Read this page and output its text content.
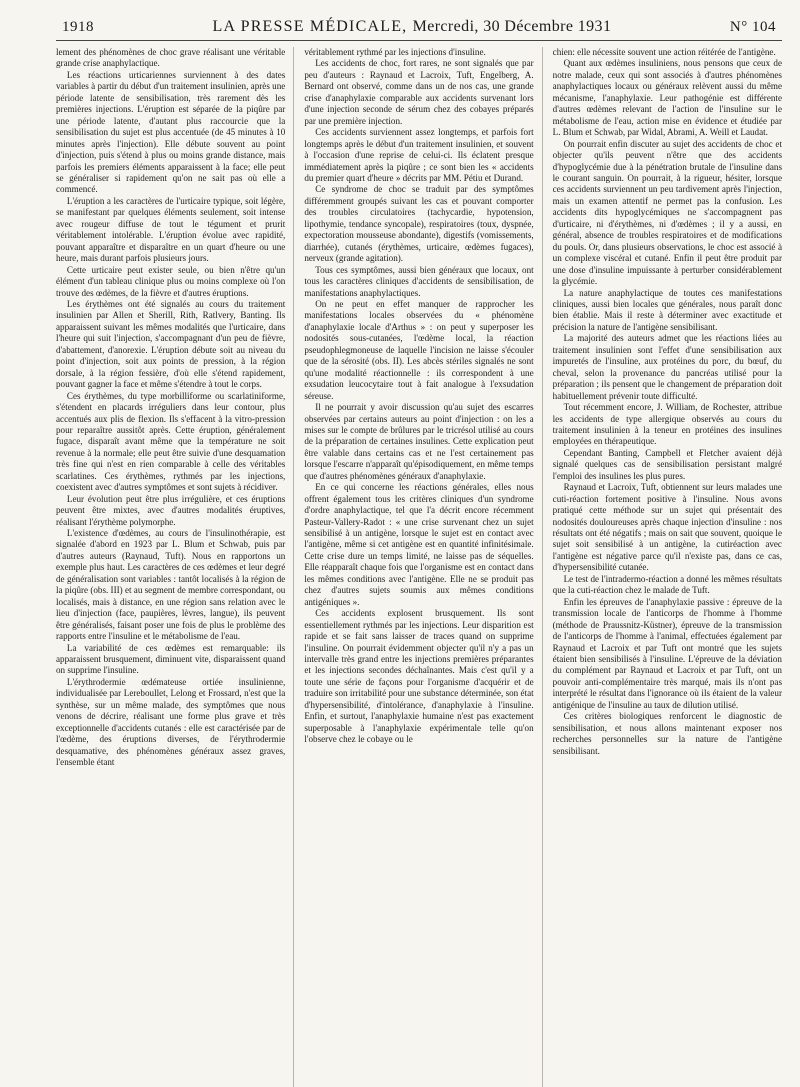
1918	LA PRESSE MÉDICALE, Mercredi, 30 Décembre 1931	N° 104

lement des phénomènes de choc grave réalisant une véritable grande crise anaphylactique.

Les réactions urticariennes surviennent à des dates variables à partir du début d'un traitement insulinien, après une période latente de sensibilisation, très rarement dès les premières injections. L'éruption est séparée de la piqûre par une période latente, d'autant plus raccourcie que la sensibilisation du sujet est plus accentuée (de 45 minutes à 10 minutes après l'injection). Elle débute souvent au point d'injection, puis s'étend à plus ou moins grande distance, mais parfois les premiers éléments apparaissent à la face; elle peut se généraliser si rapidement qu'on ne sait pas où elle a commencé.

L'éruption a les caractères de l'urticaire typique, soit légère, se manifestant par quelques éléments seulement, soit intense avec rougeur diffuse de tout le tégument et prurit véritablement intolérable. L'éruption évolue avec rapidité, pouvant apparaître et disparaître en un quart d'heure ou une heure, mais durant parfois plusieurs jours.

Cette urticaire peut exister seule, ou bien n'être qu'un élément d'un tableau clinique plus ou moins complexe où l'on trouve des œdèmes, de la fièvre et d'autres éruptions.

Les érythèmes ont été signalés au cours du traitement insulinien par Allen et Sherill, Rith, Ratlvery, Banting. Ils apparaissent suivant les mêmes modalités que l'urticaire, dans l'heure qui suit l'injection, s'accompagnant d'un peu de fièvre, d'abattement, d'anorexie. L'éruption débute soit au niveau du point d'injection, soit aux points de pression, à la région dorsale, à la région fessière, d'où elle s'étend rapidement, pouvant gagner la face et même s'étendre à tout le corps.

Ces érythèmes, du type morbilliforme ou scarlatiniforme, s'étendent en placards irréguliers dans leur contour, plus accentués aux plis de flexion. Ils s'effacent à la vitro-pression pour reparaître aussitôt après. Cette éruption, généralement fugace, disparaît avant même que la température ne soit revenue à la normale; elle peut être suivie d'une desquamation très fine qui n'est en rien comparable à celle des véritables scarlatines. Ces érythèmes, rythmés par les injections, coexistent avec d'autres symptômes et sont sujets à récidiver.

Leur évolution peut être plus irrégulière, et ces éruptions peuvent être mixtes, avec d'autres modalités éruptives, réalisant l'érythème polymorphe.

L'existence d'œdèmes, au cours de l'insulinothérapie, est signalée d'abord en 1923 par L. Blum et Schwab, puis par d'autres auteurs (Raynaud, Tuft). Nous en rapportons un exemple plus haut. Les caractères de ces œdèmes et leur degré de généralisation sont variables : tantôt localisés à la région de la piqûre (obs. III) et au segment de membre correspondant, ou localisés, mais à distance, en une région sans relation avec le lieu d'injection (face, paupières, lèvres, langue), ils peuvent être généralisés, faisant poser une fois de plus le problème des rapports entre l'insuline et le métabolisme de l'eau.

La variabilité de ces œdèmes est remarquable: ils apparaissent brusquement, diminuent vite, disparaissent quand on supprime l'insuline.

L'érythrodermie œdémateuse ortiée insulinienne, individualisée par Lereboullet, Lelong et Frossard, n'est que la synthèse, sur un même malade, des symptômes que nous venons de décrire, réalisant une forme plus grave et très exceptionnelle d'accidents cutanés : elle est caractérisée par de l'œdème, des éruptions diverses, de l'érythrodermie desquamative, des phénomènes généraux assez graves, l'ensemble étant

véritablement rythmé par les injections d'insuline.

Les accidents de choc, fort rares, ne sont signalés que par peu d'auteurs : Raynaud et Lacroix, Tuft, Engelberg, A. Bernard ont observé, comme dans un de nos cas, une grande crise d'anaphylaxie comparable aux accidents survenant lors d'une injection seconde de sérum chez des cobayes préparés par une première injection.

Ces accidents surviennent assez longtemps, et parfois fort longtemps après le début d'un traitement insulinien, et souvent à l'occasion d'une reprise de celui-ci. Ils éclatent presque immédiatement après la piqûre ; ce sont bien les « accidents du premier quart d'heure » décrits par MM. Pétiu et Durand.

Ce syndrome de choc se traduit par des symptômes différemment groupés suivant les cas et pouvant comporter des troubles circulatoires (tachycardie, hypotension, lipothymie, tendance syncopale), respiratoires (toux, dyspnée, expectoration mousseuse abondante), digestifs (vomissements, diarrhée), cutanés (érythèmes, urticaire, œdèmes fugaces), nerveux (grande agitation).

Tous ces symptômes, aussi bien généraux que locaux, ont tous les caractères cliniques d'accidents de sensibilisation, de manifestations anaphylactiques.

On ne peut en effet manquer de rapprocher les manifestations locales observées du « phénomène d'anaphylaxie locale d'Arthus » : on peut y superposer les nodosités sous-cutanées, l'œdème local, la réaction pseudophlegmoneuse de laquelle l'incision ne laisse s'écouler que de la sérosité (obs. II). Les abcès stériles signalés ne sont qu'une modalité réactionnelle : ils correspondent à une exsudation leucocytaire tout à fait analogue à l'exsudation séreuse.

Il ne pourrait y avoir discussion qu'au sujet des escarres observées par certains auteurs au point d'injection : on les a mises sur le compte de brûlures par le tricrésol utilisé au cours de la préparation de certaines insulines. Cette explication peut être valable dans certains cas et ne l'est certainement pas lorsque l'escarre n'apparaît qu'épisodiquement, en même temps que d'autres phénomènes généraux d'anaphylaxie.

En ce qui concerne les réactions générales, elles nous offrent également tous les critères cliniques d'un syndrome d'ordre anaphylactique, tel que l'a décrit encore récemment Pasteur-Vallery-Radot : « une crise survenant chez un sujet sensibilisé à un antigène, lorsque le sujet est en contact avec l'antigène, même si cet antigène est en quantité infinitésimale. Cette crise dure un temps limité, ne laisse pas de séquelles. Elle réapparaît chaque fois que l'organisme est en contact dans les mêmes conditions avec l'antigène. Elle ne se produit pas chez d'autres sujets soumis aux mêmes conditions antigéniques ».

Ces accidents explosent brusquement. Ils sont essentiellement rythmés par les injections. Leur disparition est rapide et se fait sans laisser de traces quand on supprime l'insuline. On pourrait évidemment objecter qu'il n'y a pas un intervalle très grand entre les injections premières préparantes et les injections secondes déchaînantes. Mais c'est qu'il y a toute une série de façons pour l'organisme d'acquérir et de traduire son irritabilité pour une substance déterminée, son état d'hypersensibilité, d'intolérance, d'anaphylaxie à l'insuline. Enfin, et surtout, l'anaphylaxie humaine n'est pas exactement superposable à l'anaphylaxie expérimentale telle qu'on l'observe chez le cobaye ou le

chien: elle nécessite souvent une action réitérée de l'antigène.

Quant aux œdèmes insuliniens, nous pensons que ceux de notre malade, ceux qui sont associés à d'autres phénomènes anaphylactiques locaux ou généraux relèvent aussi du même mécanisme, l'anaphylaxie. Leur pathogénie est différente d'autres œdèmes relevant de l'action de l'insuline sur le métabolisme de l'eau, action mise en évidence et étudiée par L. Blum et Schwab, par Widal, Abrami, A. Weill et Laudat.

On pourrait enfin discuter au sujet des accidents de choc et objecter qu'ils peuvent n'être que des accidents d'hypoglycémie due à la pénétration brutale de l'insuline dans le courant sanguin. On pourrait, à la rigueur, hésiter, lorsque ces accidents surviennent un peu tardivement après l'injection, mais un examen attentif ne permet pas la confusion. Les accidents dits hypoglycémiques ne s'accompagnent pas d'urticaire, ni d'érythèmes, ni d'œdèmes ; il y a aussi, en général, absence de troubles respiratoires et de modifications du pouls. Or, dans plusieurs observations, le choc est associé à un complexe viscéral et cutané. Enfin il peut être produit par une dose d'insuline impuissante à perturber considérablement la glycémie.

La nature anaphylactique de toutes ces manifestations cliniques, aussi bien locales que générales, nous paraît donc bien établie. Mais il reste à déterminer avec exactitude et précision la nature de l'antigène sensibilisant.

La majorité des auteurs admet que les réactions liées au traitement insulinien sont l'effet d'une sensibilisation aux impuretés de l'insuline, aux protéines du porc, du bœuf, du cheval, selon la provenance du pancréas utilisé pour la préparation ; ils pensent que le changement de préparation doit habituellement prévenir toute difficulté.

Tout récemment encore, J. William, de Rochester, attribue les accidents de type allergique observés au cours du traitement insulinien à la teneur en protéines des insulines employées en thérapeutique.

Cependant Banting, Campbell et Fletcher avaient déjà signalé quelques cas de sensibilisation persistant malgré l'emploi des insulines les plus pures.

Raynaud et Lacroix, Tuft, obtiennent sur leurs malades une cuti-réaction fortement positive à l'insuline. Nous avons pratiqué cette méthode sur un sujet qui présentait des nodosités douloureuses après chaque injection d'insuline : nos résultats ont été négatifs ; mais on sait que souvent, quoique le sujet soit sensibilisé à un antigène, la cutiréaction avec l'antigène est négative parce qu'il n'existe pas, dans ce cas, d'hypersensibilité cutanée.

Le test de l'intradermo-réaction a donné les mêmes résultats que la cuti-réaction chez le malade de Tuft.

Enfin les épreuves de l'anaphylaxie passive : épreuve de la transmission locale de l'anticorps de l'homme à l'homme (méthode de Praussnitz-Küstner), épreuve de la transmission de l'anticorps de l'homme à l'animal, effectuées également par Raynaud et Lacroix et par Tuft ont montré que les sujets étaient bien sensibilisés à l'insuline. L'épreuve de la déviation du complément par Raynaud et Lacroix et par Tuft, ont un pouvoir anti-complémentaire très marqué, mais ils n'ont pas interprété le résultat dans l'ignorance où ils étaient de la valeur antigénique de l'insuline au taux de dilution utilisé.

Ces critères biologiques renforcent le diagnostic de sensibilisation, et nous allons maintenant exposer nos recherches personnelles sur la nature de l'antigène sensibilisant.
